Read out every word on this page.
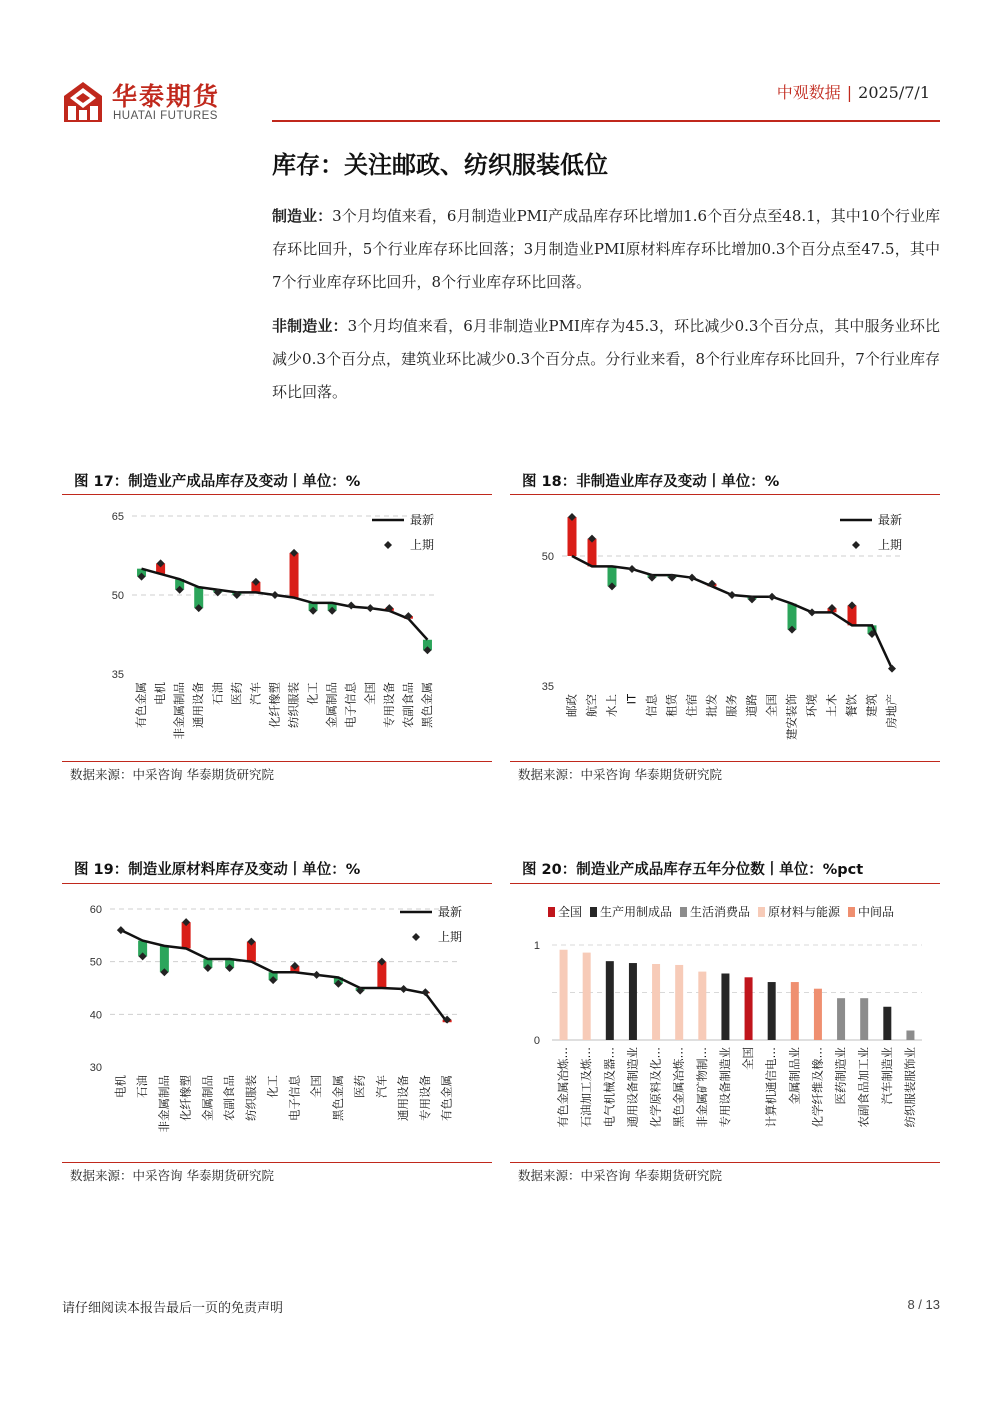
华泰期货
HUATAI FUTURES
中观数据 | 2025/7/1
库存：关注邮政、纺织服装低位
制造业：3个月均值来看，6月制造业PMI产成品库存环比增加1.6个百分点至48.1，其中10个行业库存环比回升，5个行业库存环比回落；3月制造业PMI原材料库存环比增加0.3个百分点至47.5，其中7个行业库存环比回升，8个行业库存环比回落。
非制造业：3个月均值来看，6月非制造业PMI库存为45.3，环比减少0.3个百分点，其中服务业环比减少0.3个百分点，建筑业环比减少0.3个百分点。分行业来看，8个行业库存环比回升，7个行业库存环比回落。
图 17：制造业产成品库存及变动丨单位：%
35
50
65
有色金属 电机 非金属制品 通用设备 石油 医药 汽车 化纤橡塑 纺织服装 化工 金属制品 电子信息 全国 专用设备 农副食品 黑色金属
最新
上期
数据来源：中采咨询 华泰期货研究院
图 18：非制造业库存及变动丨单位：%
35
50
邮政 航空 水上 IT 信息 租赁 住宿 批发 服务 道路 全国 建安装饰 环境 土木 餐饮 建筑 房地产
最新
上期
数据来源：中采咨询 华泰期货研究院
图 19：制造业原材料库存及变动丨单位：%
30
40
50
60
电机 石油 非金属制品 化纤橡塑 金属制品 农副食品 纺织服装 化工 电子信息 全国 黑色金属 医药 汽车 通用设备 专用设备 有色金属
最新
上期
数据来源：中采咨询 华泰期货研究院
图 20：制造业产成品库存五年分位数丨单位：%pct
1
0
有色金属冶炼… 石油加工及炼… 电气机械及器… 通用设备制造业 化学原料及化… 黑色金属冶炼… 非金属矿物制… 专用设备制造业 全国 计算机通信电… 金属制品业 化学纤维及橡… 医药制造业 农副食品加工业 汽车制造业 纺织服装服饰业
全国 生产用制成品 生活消费品 原材料与能源 中间品
数据来源：中采咨询 华泰期货研究院
请仔细阅读本报告最后一页的免责声明	8 / 13
